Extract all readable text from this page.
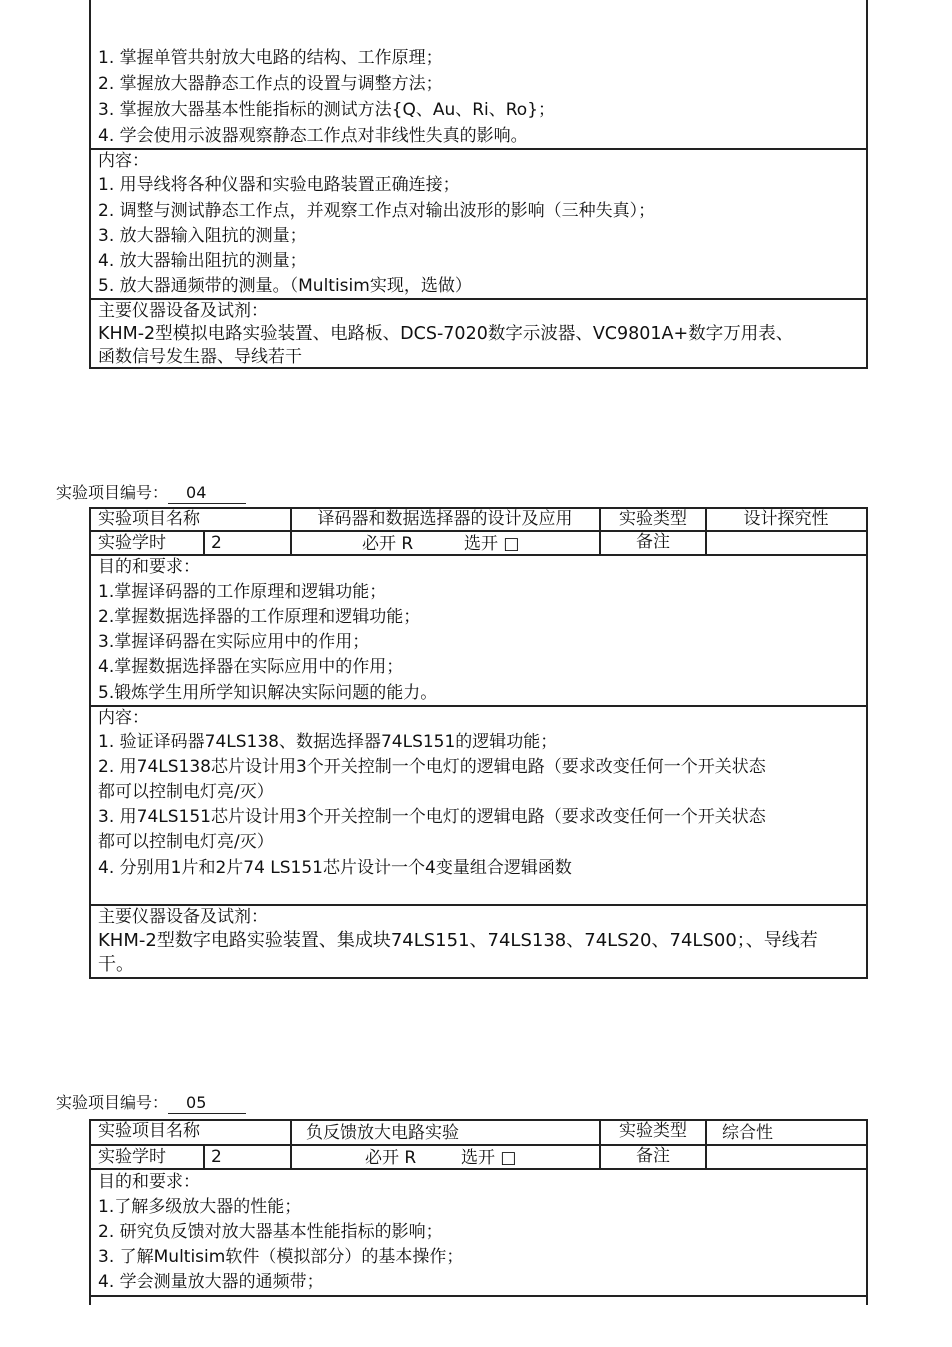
1. 掌握单管共射放大电路的结构、工作原理；
2. 掌握放大器静态工作点的设置与调整方法；
3. 掌握放大器基本性能指标的测试方法{Q、Au、Ri、Ro}；
4. 学会使用示波器观察静态工作点对非线性失真的影响。
内容：
1. 用导线将各种仪器和实验电路装置正确连接；
2. 调整与测试静态工作点，并观察工作点对输出波形的影响（三种失真）；
3. 放大器输入阻抗的测量；
4. 放大器输出阻抗的测量；
5. 放大器通频带的测量。（Multisim实现，选做）
主要仪器设备及试剂：
KHM-2型模拟电路实验装置、电路板、DCS-7020数字示波器、VC9801A+数字万用表、
函数信号发生器、导线若干
实验项目编号： 04
实验项目名称	译码器和数据选择器的设计及应用	实验类型	设计探究性
实验学时	2	必开 R	选开 □	备注
目的和要求：
1.掌握译码器的工作原理和逻辑功能；
2.掌握数据选择器的工作原理和逻辑功能；
3.掌握译码器在实际应用中的作用；
4.掌握数据选择器在实际应用中的作用；
5.锻炼学生用所学知识解决实际问题的能力。
内容：
1. 验证译码器74LS138、数据选择器74LS151的逻辑功能；
2. 用74LS138芯片设计用3个开关控制一个电灯的逻辑电路（要求改变任何一个开关状态
都可以控制电灯亮/灭）
3. 用74LS151芯片设计用3个开关控制一个电灯的逻辑电路（要求改变任何一个开关状态
都可以控制电灯亮/灭）
4. 分别用1片和2片74 LS151芯片设计一个4变量组合逻辑函数
主要仪器设备及试剂：
KHM-2型数字电路实验装置、集成块74LS151、74LS138、74LS20、74LS00；、导线若
干。
实验项目编号： 05
实验项目名称	负反馈放大电路实验	实验类型	综合性
实验学时	2	必开 R	选开 □	备注
目的和要求：
1.了解多级放大器的性能；
2. 研究负反馈对放大器基本性能指标的影响；
3. 了解Multisim软件（模拟部分）的基本操作；
4. 学会测量放大器的通频带；
